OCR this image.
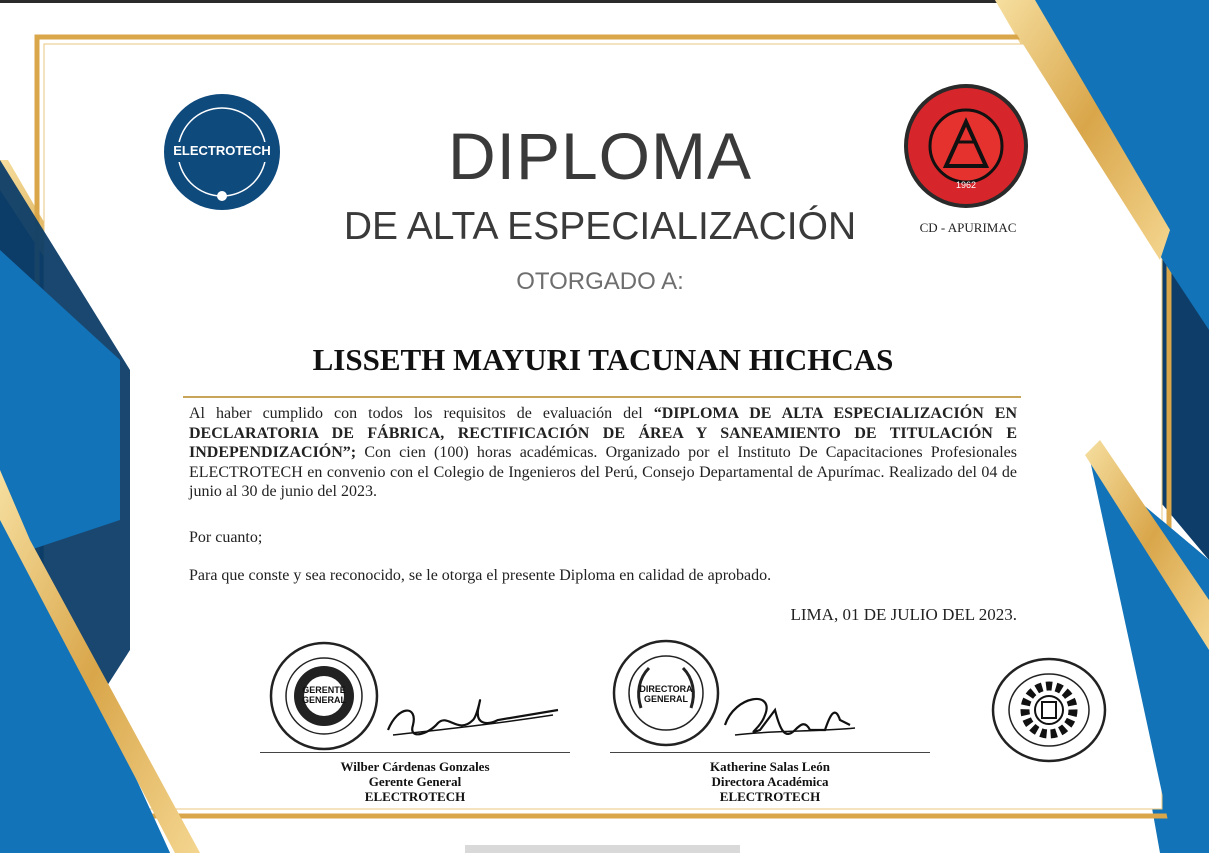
ELECTROTECH
1962
CD - APURIMAC
DIPLOMA
DE ALTA ESPECIALIZACIÓN
OTORGADO A:
LISSETH MAYURI TACUNAN HICHCAS
Al haber cumplido con todos los requisitos de evaluación del “DIPLOMA DE ALTA ESPECIALIZACIÓN EN DECLARATORIA DE FÁBRICA, RECTIFICACIÓN DE ÁREA Y SANEAMIENTO DE TITULACIÓN E INDEPENDIZACIÓN”; Con cien (100) horas académicas. Organizado por el Instituto De Capacitaciones Profesionales ELECTROTECH en convenio con el Colegio de Ingenieros del Perú, Consejo Departamental de Apurímac. Realizado del 04 de junio al 30 de junio del 2023.
Por cuanto;
Para que conste y sea reconocido, se le otorga el presente Diploma en calidad de aprobado.
LIMA, 01 DE JULIO DEL 2023.
GERENTE GENERAL
Wilber Cárdenas Gonzales
Gerente General
ELECTROTECH
DIRECTORA GENERAL
Katherine Salas León
Directora Académica
ELECTROTECH
